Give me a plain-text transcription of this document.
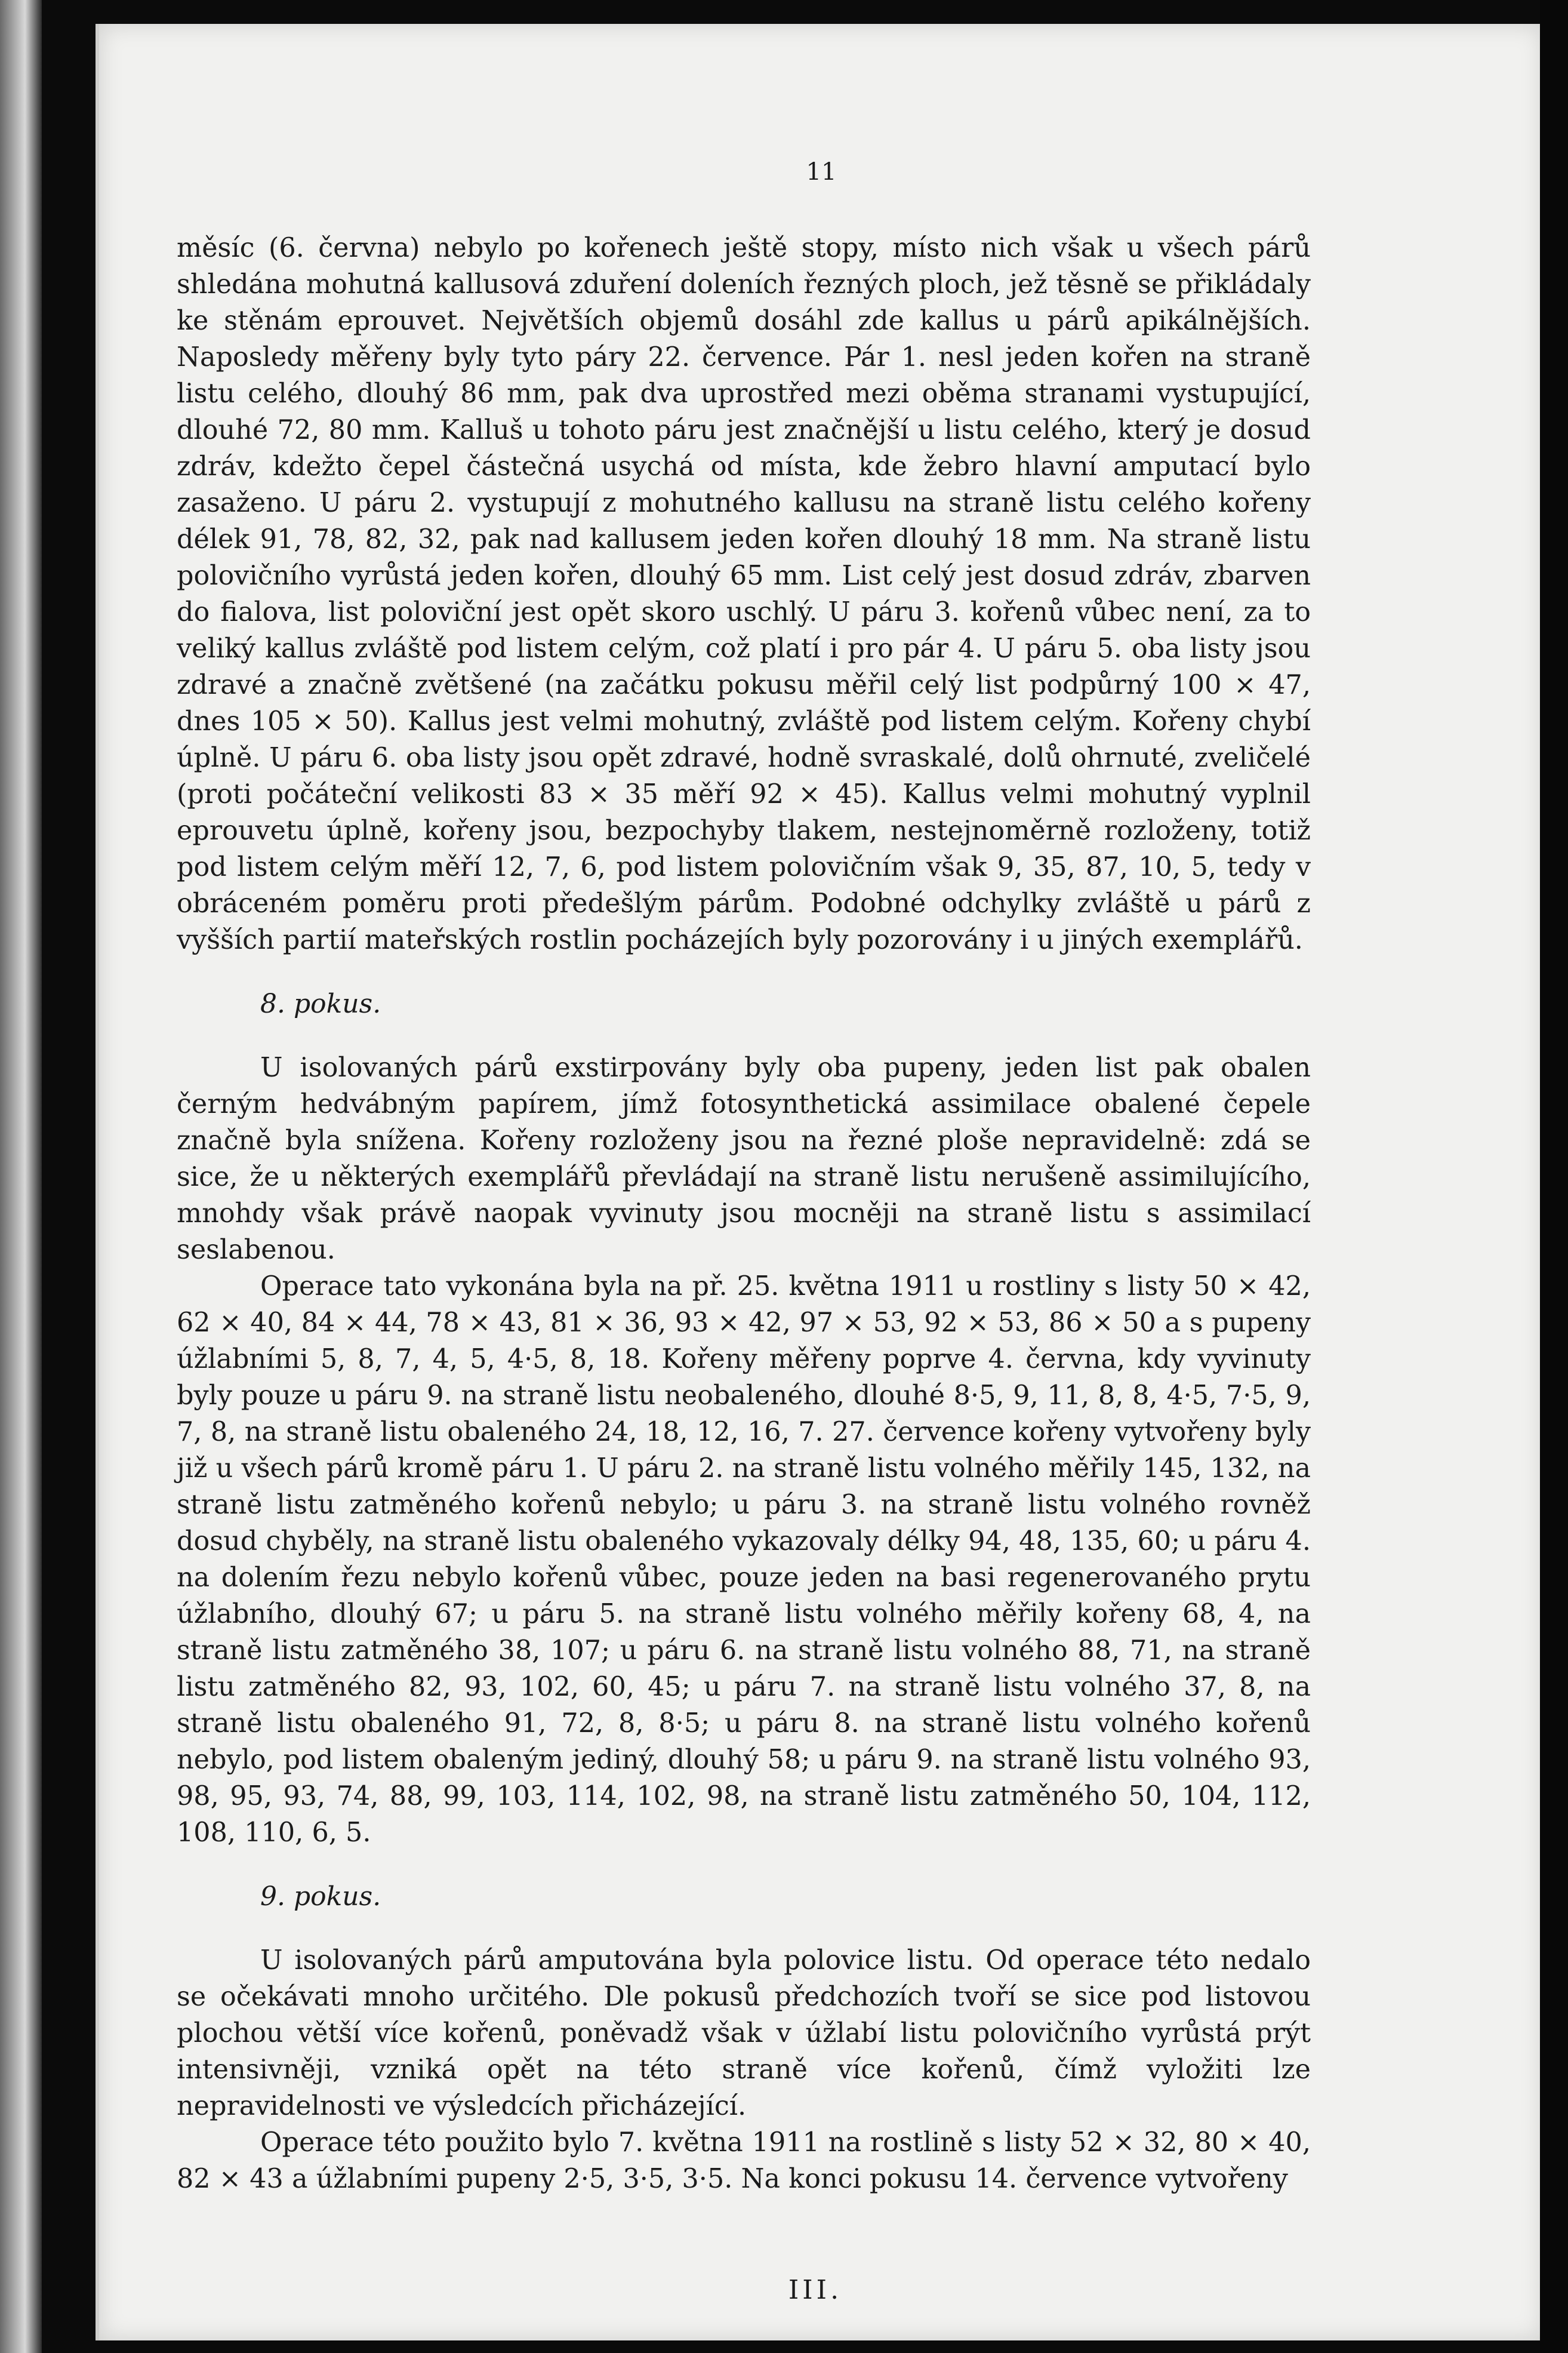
11

měsíc (6. června) nebylo po kořenech ještě stopy, místo nich však u všech párů shledána mohutná kallusová zduření doleních řezných ploch, jež těsně se přikládaly ke stěnám eprouvet. Největších objemů dosáhl zde kallus u párů apikálnějších. Naposledy měřeny byly tyto páry 22. července. Pár 1. nesl jeden kořen na straně listu celého, dlouhý 86 mm, pak dva uprostřed mezi oběma stranami vystupující, dlouhé 72, 80 mm. Kalluš u tohoto páru jest značnější u listu celého, který je dosud zdráv, kdežto čepel částečná usychá od místa, kde žebro hlavní amputací bylo zasaženo. U páru 2. vystupují z mohutného kallusu na straně listu celého kořeny délek 91, 78, 82, 32, pak nad kallusem jeden kořen dlouhý 18 mm. Na straně listu polovičního vyrůstá jeden kořen, dlouhý 65 mm. List celý jest dosud zdráv, zbarven do fialova, list poloviční jest opět skoro uschlý. U páru 3. kořenů vůbec není, za to veliký kallus zvláště pod listem celým, což platí i pro pár 4. U páru 5. oba listy jsou zdravé a značně zvětšené (na začátku pokusu měřil celý list podpůrný 100 × 47, dnes 105 × 50). Kallus jest velmi mohutný, zvláště pod listem celým. Kořeny chybí úplně. U páru 6. oba listy jsou opět zdravé, hodně svraskalé, dolů ohrnuté, zveličelé (proti počáteční velikosti 83 × 35 měří 92 × 45). Kallus velmi mohutný vyplnil eprouvetu úplně, kořeny jsou, bezpochyby tlakem, nestejnoměrně rozloženy, totiž pod listem celým měří 12, 7, 6, pod listem polovičním však 9, 35, 87, 10, 5, tedy v obráceném poměru proti předešlým párům. Podobné odchylky zvláště u párů z vyšších partií mateřských rostlin pocházejích byly pozorovány i u jiných exemplářů.

8. pokus.

U isolovaných párů exstirpovány byly oba pupeny, jeden list pak obalen černým hedvábným papírem, jímž fotosynthetická assimilace obalené čepele značně byla snížena. Kořeny rozloženy jsou na řezné ploše nepravidelně: zdá se sice, že u některých exemplářů převládají na straně listu nerušeně assimilujícího, mnohdy však právě naopak vyvinuty jsou mocněji na straně listu s assimilací seslabenou.

Operace tato vykonána byla na př. 25. května 1911 u rostliny s listy 50 × 42, 62 × 40, 84 × 44, 78 × 43, 81 × 36, 93 × 42, 97 × 53, 92 × 53, 86 × 50 a s pupeny úžlabními 5, 8, 7, 4, 5, 4·5, 8, 18. Kořeny měřeny poprve 4. června, kdy vyvinuty byly pouze u páru 9. na straně listu neobaleného, dlouhé 8·5, 9, 11, 8, 8, 4·5, 7·5, 9, 7, 8, na straně listu obaleného 24, 18, 12, 16, 7. 27. července kořeny vytvořeny byly již u všech párů kromě páru 1. U páru 2. na straně listu volného měřily 145, 132, na straně listu zatměného kořenů nebylo; u páru 3. na straně listu volného rovněž dosud chyběly, na straně listu obaleného vykazovaly délky 94, 48, 135, 60; u páru 4. na dolením řezu nebylo kořenů vůbec, pouze jeden na basi regenerovaného prytu úžlabního, dlouhý 67; u páru 5. na straně listu volného měřily kořeny 68, 4, na straně listu zatměného 38, 107; u páru 6. na straně listu volného 88, 71, na straně listu zatměného 82, 93, 102, 60, 45; u páru 7. na straně listu volného 37, 8, na straně listu obaleného 91, 72, 8, 8·5; u páru 8. na straně listu volného kořenů nebylo, pod listem obaleným jediný, dlouhý 58; u páru 9. na straně listu volného 93, 98, 95, 93, 74, 88, 99, 103, 114, 102, 98, na straně listu zatměného 50, 104, 112, 108, 110, 6, 5.

9. pokus.

U isolovaných párů amputována byla polovice listu. Od operace této nedalo se očekávati mnoho určitého. Dle pokusů předchozích tvoří se sice pod listovou plochou větší více kořenů, poněvadž však v úžlabí listu polovičního vyrůstá prýt intensivněji, vzniká opět na této straně více kořenů, čímž vyložiti lze nepravidelnosti ve výsledcích přicházející.

Operace této použito bylo 7. května 1911 na rostlině s listy 52 × 32, 80 × 40, 82 × 43 a úžlabními pupeny 2·5, 3·5, 3·5. Na konci pokusu 14. července vytvořeny

III.
